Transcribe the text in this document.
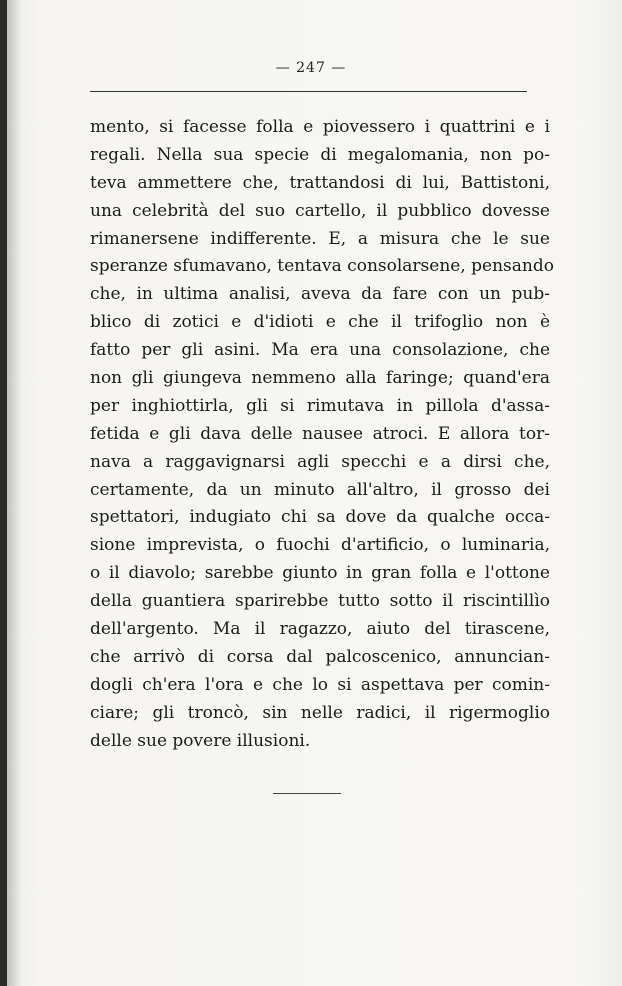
— 247 —
mento, si facesse folla e piovessero i quattrini e i
regali. Nella sua specie di megalomania, non po-
teva ammettere che, trattandosi di lui, Battistoni,
una celebrità del suo cartello, il pubblico dovesse
rimanersene indifferente. E, a misura che le sue
speranze sfumavano, tentava consolarsene, pensando
che, in ultima analisi, aveva da fare con un pub-
blico di zotici e d'idioti e che il trifoglio non è
fatto per gli asini. Ma era una consolazione, che
non gli giungeva nemmeno alla faringe; quand'era
per inghiottirla, gli si rimutava in pillola d'assa-
fetida e gli dava delle nausee atroci. E allora tor-
nava a raggavignarsi agli specchi e a dirsi che,
certamente, da un minuto all'altro, il grosso dei
spettatori, indugiato chi sa dove da qualche occa-
sione imprevista, o fuochi d'artificio, o luminaria,
o il diavolo; sarebbe giunto in gran folla e l'ottone
della guantiera sparirebbe tutto sotto il riscintillìo
dell'argento. Ma il ragazzo, aiuto del tirascene,
che arrivò di corsa dal palcoscenico, annuncian-
dogli ch'era l'ora e che lo si aspettava per comin-
ciare; gli troncò, sin nelle radici, il rigermoglio
delle sue povere illusioni.
